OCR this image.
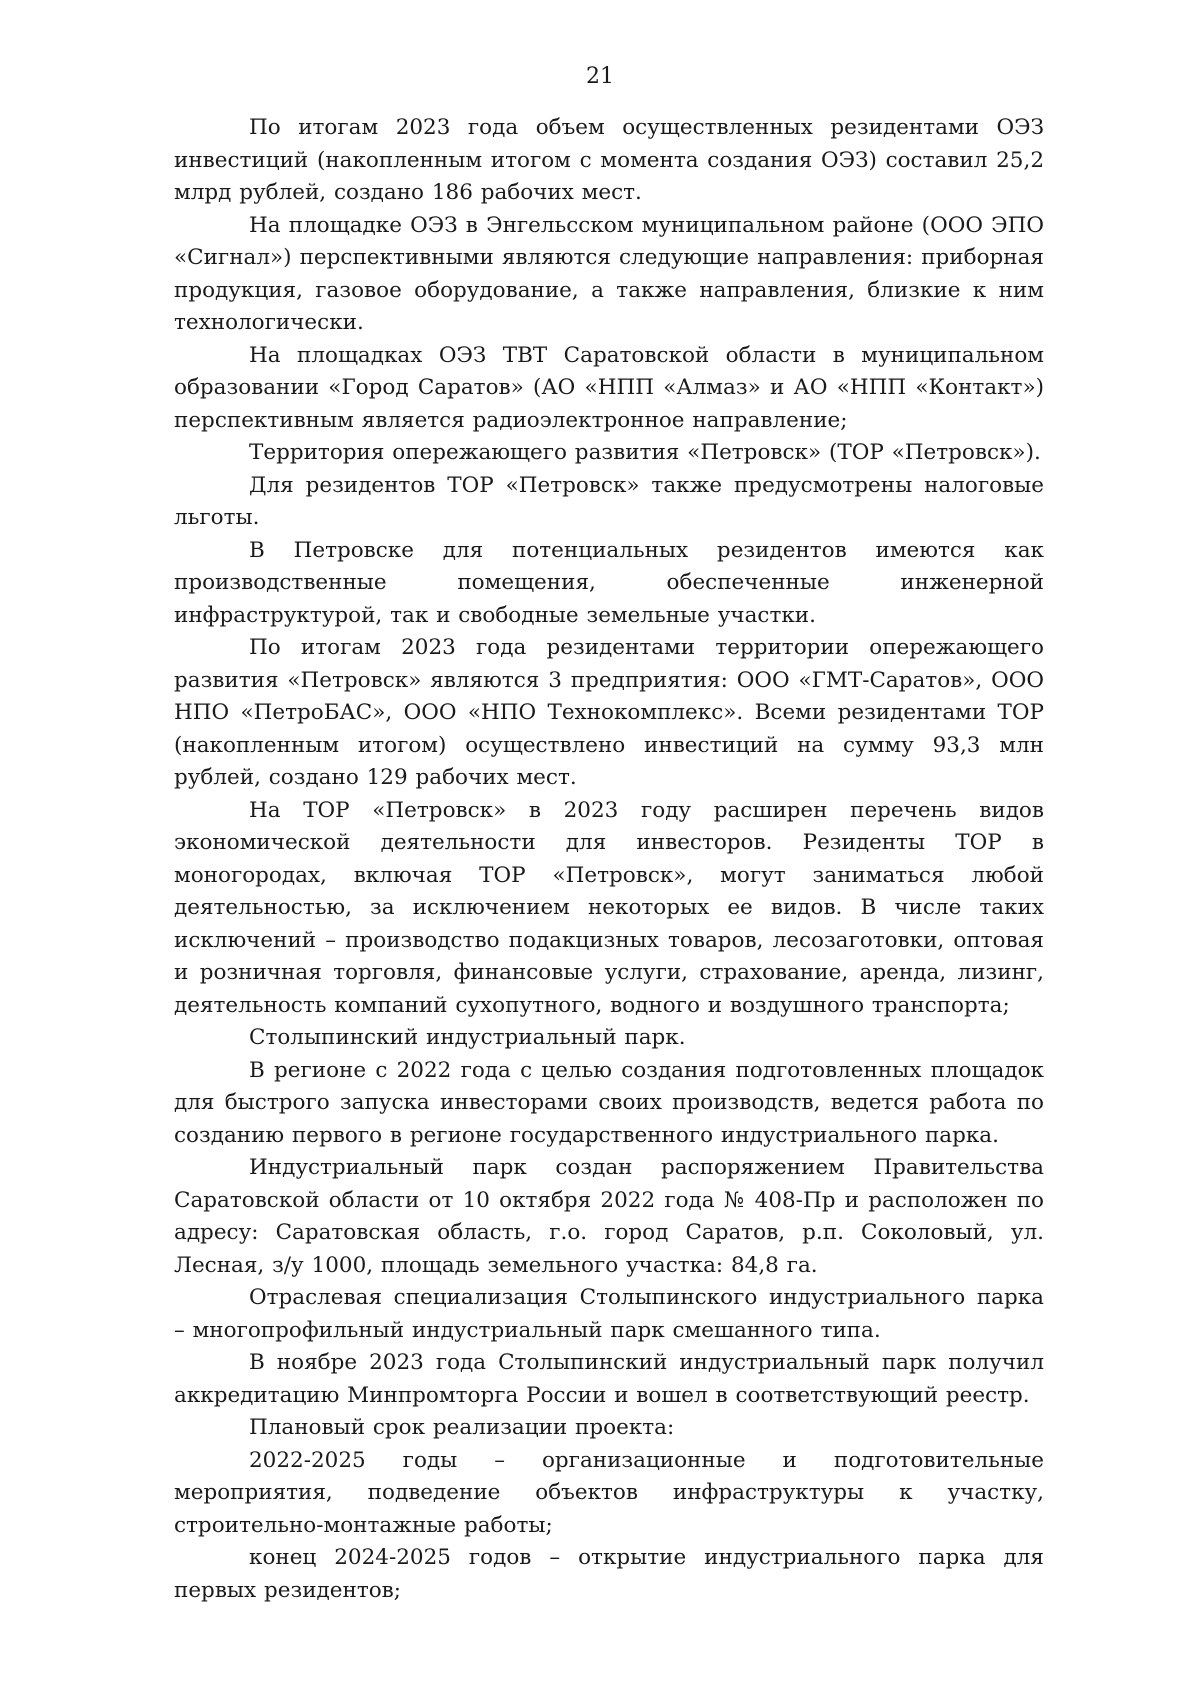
21

По итогам 2023 года объем осуществленных резидентами ОЭЗ инвестиций (накопленным итогом с момента создания ОЭЗ) составил 25,2 млрд рублей, создано 186 рабочих мест.

На площадке ОЭЗ в Энгельсском муниципальном районе (ООО ЭПО «Сигнал») перспективными являются следующие направления: приборная продукция, газовое оборудование, а также направления, близкие к ним технологически.

На площадках ОЭЗ ТВТ Саратовской области в муниципальном образовании «Город Саратов» (АО «НПП «Алмаз» и АО «НПП «Контакт») перспективным является радиоэлектронное направление;

Территория опережающего развития «Петровск» (ТОР «Петровск»).

Для резидентов ТОР «Петровск» также предусмотрены налоговые льготы.

В Петровске для потенциальных резидентов имеются как производственные помещения, обеспеченные инженерной инфраструктурой, так и свободные земельные участки.

По итогам 2023 года резидентами территории опережающего развития «Петровск» являются 3 предприятия: ООО «ГМТ-Саратов», ООО НПО «ПетроБАС», ООО «НПО Технокомплекс». Всеми резидентами ТОР (накопленным итогом) осуществлено инвестиций на сумму 93,3 млн рублей, создано 129 рабочих мест.

На ТОР «Петровск» в 2023 году расширен перечень видов экономической деятельности для инвесторов. Резиденты ТОР в моногородах, включая ТОР «Петровск», могут заниматься любой деятельностью, за исключением некоторых ее видов. В числе таких исключений – производство подакцизных товаров, лесозаготовки, оптовая и розничная торговля, финансовые услуги, страхование, аренда, лизинг, деятельность компаний сухопутного, водного и воздушного транспорта;

Столыпинский индустриальный парк.

В регионе с 2022 года с целью создания подготовленных площадок для быстрого запуска инвесторами своих производств, ведется работа по созданию первого в регионе государственного индустриального парка.

Индустриальный парк создан распоряжением Правительства Саратовской области от 10 октября 2022 года № 408-Пр и расположен по адресу: Саратовская область, г.о. город Саратов, р.п. Соколовый, ул. Лесная, з/у 1000, площадь земельного участка: 84,8 га.

Отраслевая специализация Столыпинского индустриального парка – многопрофильный индустриальный парк смешанного типа.

В ноябре 2023 года Столыпинский индустриальный парк получил аккредитацию Минпромторга России и вошел в соответствующий реестр.

Плановый срок реализации проекта:

2022-2025 годы – организационные и подготовительные мероприятия, подведение объектов инфраструктуры к участку, строительно-монтажные работы;

конец 2024-2025 годов – открытие индустриального парка для первых резидентов;
